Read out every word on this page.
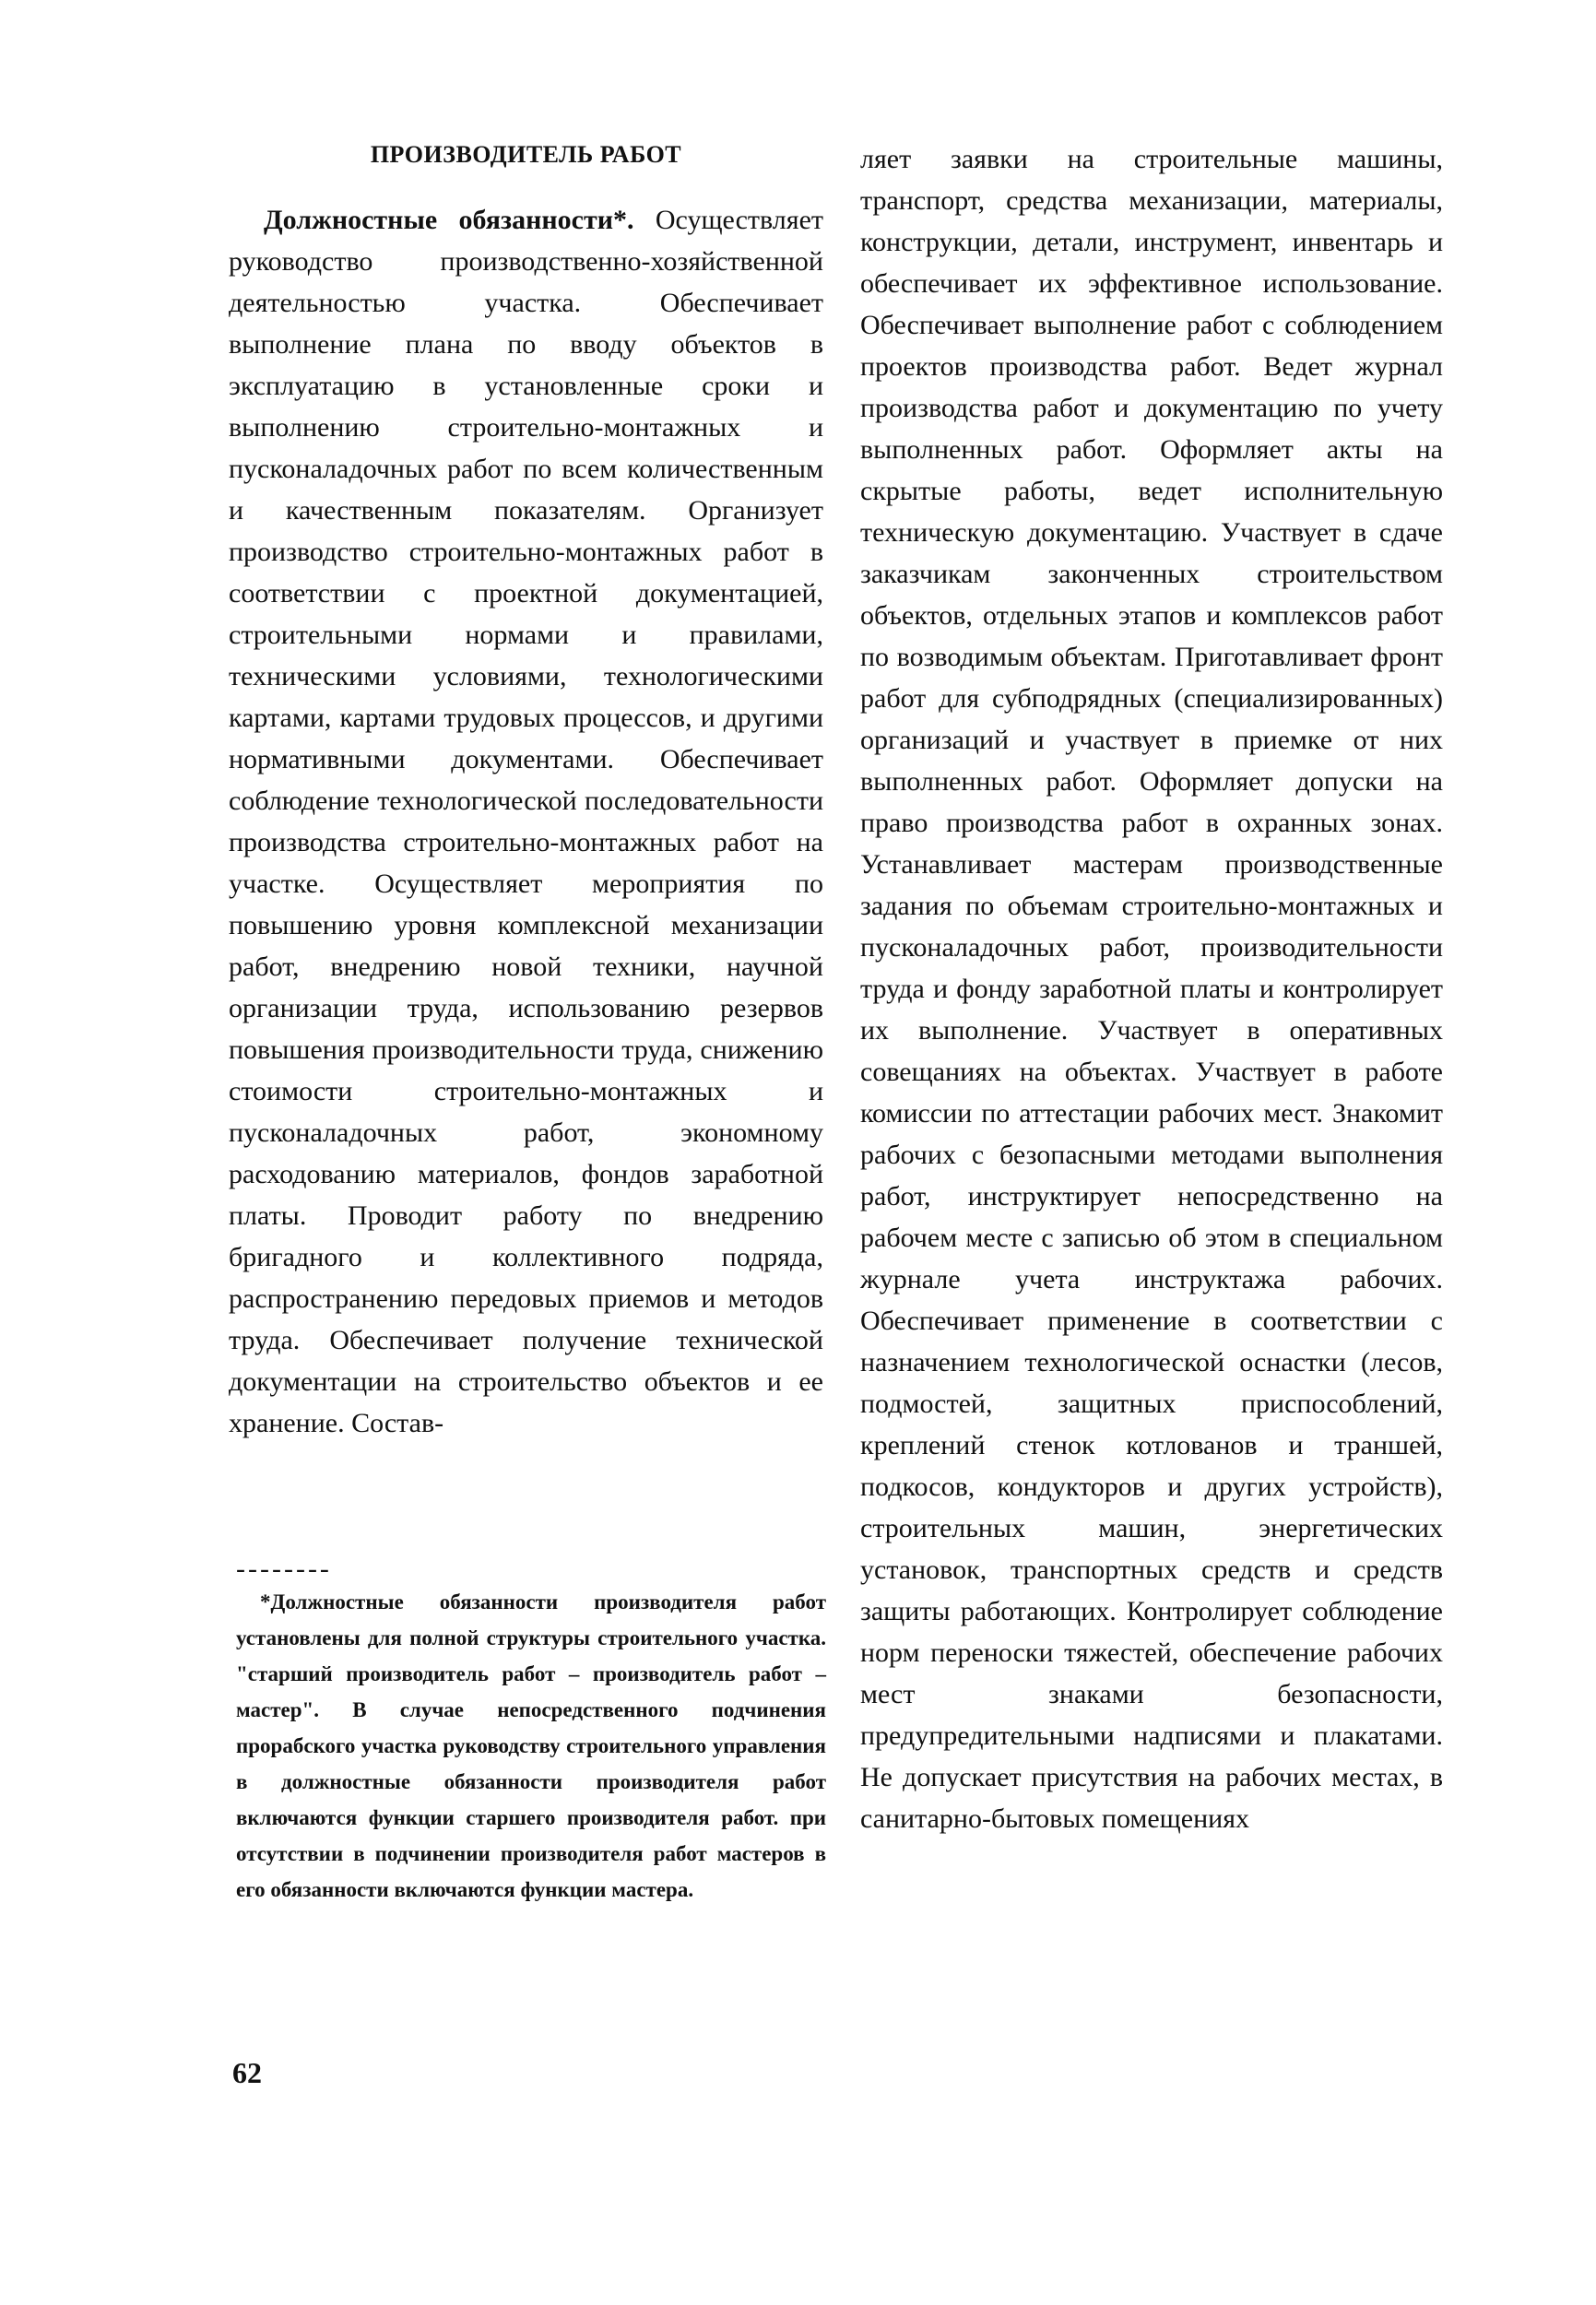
ПРОИЗВОДИТЕЛЬ РАБОТ

Должностные обязанности*. Осуществляет руководство производственно-хозяйственной деятельностью участка. Обеспечивает выполнение плана по вводу объектов в эксплуатацию в установленные сроки и выполнению строительно-монтажных и пусконаладочных работ по всем количественным и качественным показателям. Организует производство строительно-монтажных работ в соответствии с проектной документацией, строительными нормами и правилами, техническими условиями, технологическими картами, картами трудовых процессов, и другими нормативными документами. Обеспечивает соблюдение технологической последовательности производства строительно-монтажных работ на участке. Осуществляет мероприятия по повышению уровня комплексной механизации работ, внедрению новой техники, научной организации труда, использованию резервов повышения производительности труда, снижению стоимости строительно-монтажных и пусконаладочных работ, экономному расходованию материалов, фондов заработной платы. Проводит работу по внедрению бригадного и коллективного подряда, распространению передовых приемов и методов труда. Обеспечивает получение технической документации на строительство объектов и ее хранение. Состав-

ляет заявки на строительные машины, транспорт, средства механизации, материалы, конструкции, детали, инструмент, инвентарь и обеспечивает их эффективное использование. Обеспечивает выполнение работ с соблюдением проектов производства работ. Ведет журнал производства работ и документацию по учету выполненных работ. Оформляет акты на скрытые работы, ведет исполнительную техническую документацию. Участвует в сдаче заказчикам законченных строительством объектов, отдельных этапов и комплексов работ по возводимым объектам. Приготавливает фронт работ для субподрядных (специализированных) организаций и участвует в приемке от них выполненных работ. Оформляет допуски на право производства работ в охранных зонах. Устанавливает мастерам производственные задания по объемам строительно-монтажных и пусконаладочных работ, производительности труда и фонду заработной платы и контролирует их выполнение. Участвует в оперативных совещаниях на объектах. Участвует в работе комиссии по аттестации рабочих мест. Знакомит рабочих с безопасными методами выполнения работ, инструктирует непосредственно на рабочем месте с записью об этом в специальном журнале учета инструктажа рабочих. Обеспечивает применение в соответствии с назначением технологической оснастки (лесов, подмостей, защитных приспособлений, креплений стенок котлованов и траншей, подкосов, кондукторов и других устройств), строительных машин, энергетических установок, транспортных средств и средств защиты работающих. Контролирует соблюдение норм переноски тяжестей, обеспечение рабочих мест знаками безопасности, предупредительными надписями и плакатами. Не допускает присутствия на рабочих местах, в санитарно-бытовых помещениях

--------

*Должностные обязанности производителя работ установлены для полной структуры строительного участка. "старший производитель работ – производитель работ – мастер". В случае непосредственного подчинения прорабского участка руководству строительного управления в должностные обязанности производителя работ включаются функции старшего производителя работ. при отсутствии в подчинении производителя работ мастеров в его обязанности включаются функции мастера.

62
